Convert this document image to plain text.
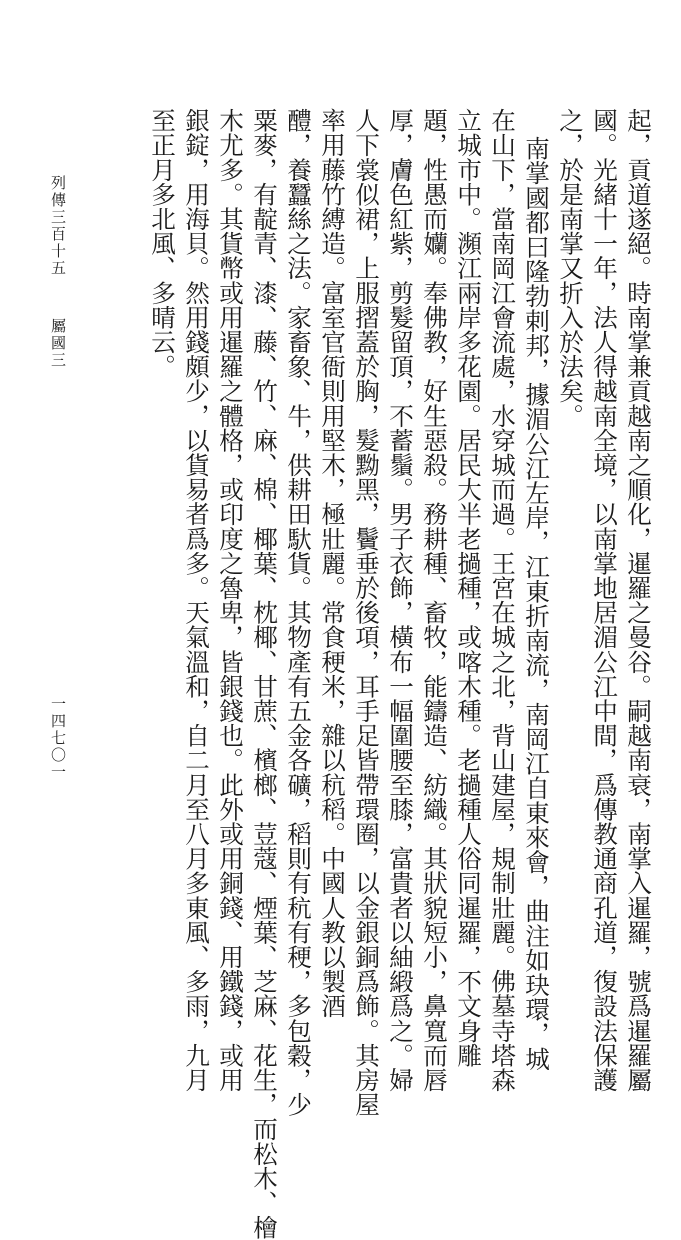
起，貢道遂絕。時南掌兼貢越南之順化，暹羅之曼谷。嗣越南衰，南掌入暹羅，號爲暹羅屬
國。光緒十一年，法人得越南全境，以南掌地居湄公江中間，爲傳教通商孔道，復設法保護
之，於是南掌又折入於法矣。
南掌國都曰隆勃剌邦，據湄公江左岸，江東折南流，南岡江自東來會，曲注如玦環，城
在山下，當南岡江會流處，水穿城而過。王宮在城之北，背山建屋，規制壯麗。佛墓寺塔森
立城市中。瀕江兩岸多花園。居民大半老撾種，或喀木種。老撾種人俗同暹羅，不文身雕
題，性愚而孏。奉佛教，好生惡殺。務耕種、畜牧，能鑄造、紡織。其狀貌短小，鼻寬而唇
厚，膚色紅紫，剪髮留頂，不蓄鬚。男子衣飾，橫布一幅圍腰至膝，富貴者以紬緞爲之。婦
人下裳似裙，上服摺蓋於胸，髮黝黑，鬢垂於後項，耳手足皆帶環圈，以金銀銅爲飾。其房屋
率用藤竹縛造。富室官衙則用堅木，極壯麗。常食稉米，雜以秔稻。中國人教以製酒
醴，養蠶絲之法。家畜象、牛，供耕田馱貨。其物產有五金各礦，稻則有秔有稉，多包穀，少
粟麥，有靛青、漆、藤、竹、麻、棉、椰葉、枕椰、甘蔗、檳榔、荳蔻、煙葉、芝麻、花生，而松木、檜
木尤多。其貨幣或用暹羅之體格，或印度之魯卑，皆銀錢也。此外或用銅錢、用鐵錢，或用
銀錠，用海貝。然用錢頗少，以貨易者爲多。天氣溫和，自二月至八月多東風、多雨，九月
至正月多北風、多晴云。
列傳三百十五
屬國三
一四七〇一
